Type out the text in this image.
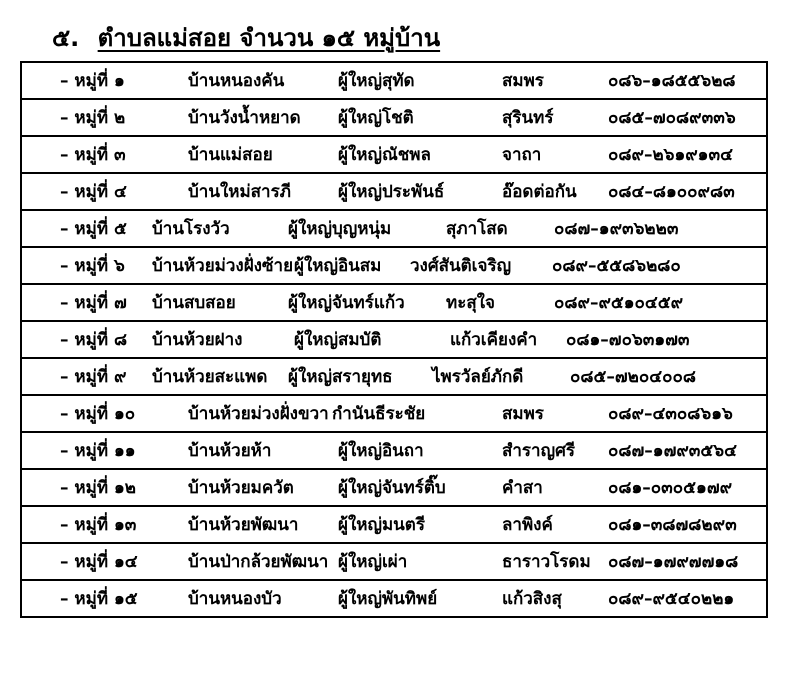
๕. ตำบลแม่สอย จำนวน ๑๕ หมู่บ้าน
– หมู่ที่ ๑	บ้านหนองคัน	ผู้ใหญ่สุทัด	สมพร	๐๘๖–๑๘๕๕๖๒๘

– หมู่ที่ ๒	บ้านวังน้ำหยาด ผู้ใหญ่โชติ	สุรินทร์	๐๘๕–๗๐๘๙๓๓๖

– หมู่ที่ ๓	บ้านแม่สอย	ผู้ใหญ่ณัชพล	จาถา	๐๘๙–๒๖๑๙๑๓๔

– หมู่ที่ ๔	บ้านใหม่สารภี	ผู้ใหญ่ประพันธ์	อ๊อดต่อกัน ๐๘๔–๘๑๐๐๙๘๓

– หมู่ที่ ๕ บ้านโรงวัว	ผู้ใหญ่บุญหนุ่ม	สุภาโสด	๐๘๗–๑๙๓๖๒๒๓

– หมู่ที่ ๖ บ้านห้วยม่วงฝั่งซ้าย ผู้ใหญ่อินสม วงศ์สันติเจริญ ๐๘๙–๕๕๘๖๒๘๐

– หมู่ที่ ๗ บ้านสบสอย	ผู้ใหญ่จันทร์แก้ว ทะสุใจ	๐๘๙–๙๕๑๐๔๕๙

– หมู่ที่ ๘ บ้านห้วยฝาง	ผู้ใหญ่สมบัติ	แก้วเคียงคำ ๐๘๑–๗๐๖๓๑๗๓

– หมู่ที่ ๙ บ้านห้วยสะแพด ผู้ใหญ่สรายุทธ ไพรวัลย์ภักดี	๐๘๕–๗๒๐๔๐๐๘

– หมู่ที่ ๑๐	บ้านห้วยม่วงฝั่งขวา กำนันธีระชัย	สมพร	๐๘๙–๔๓๐๘๖๑๖

– หมู่ที่ ๑๑	บ้านห้วยห้า	ผู้ใหญ่อินถา	สำราญศรี ๐๘๗–๑๗๙๓๕๖๔

– หมู่ที่ ๑๒	บ้านห้วยมควัต	ผู้ใหญ่จันทร์ติ๊บ	คำสา	๐๘๑–๐๓๐๕๑๗๙

– หมู่ที่ ๑๓	บ้านห้วยพัฒนา ผู้ใหญ่มนตรี	ลาพิงค์	๐๘๑–๓๘๗๘๒๙๓

– หมู่ที่ ๑๔	บ้านป่ากล้วยพัฒนา ผู้ใหญ่เผ่า	ธาราวโรดม ๐๘๗–๑๗๙๗๗๑๘

– หมู่ที่ ๑๕	บ้านหนองบัว	ผู้ใหญ่พันทิพย์	แก้วสิงสุ	๐๘๙–๙๕๔๐๒๒๑
